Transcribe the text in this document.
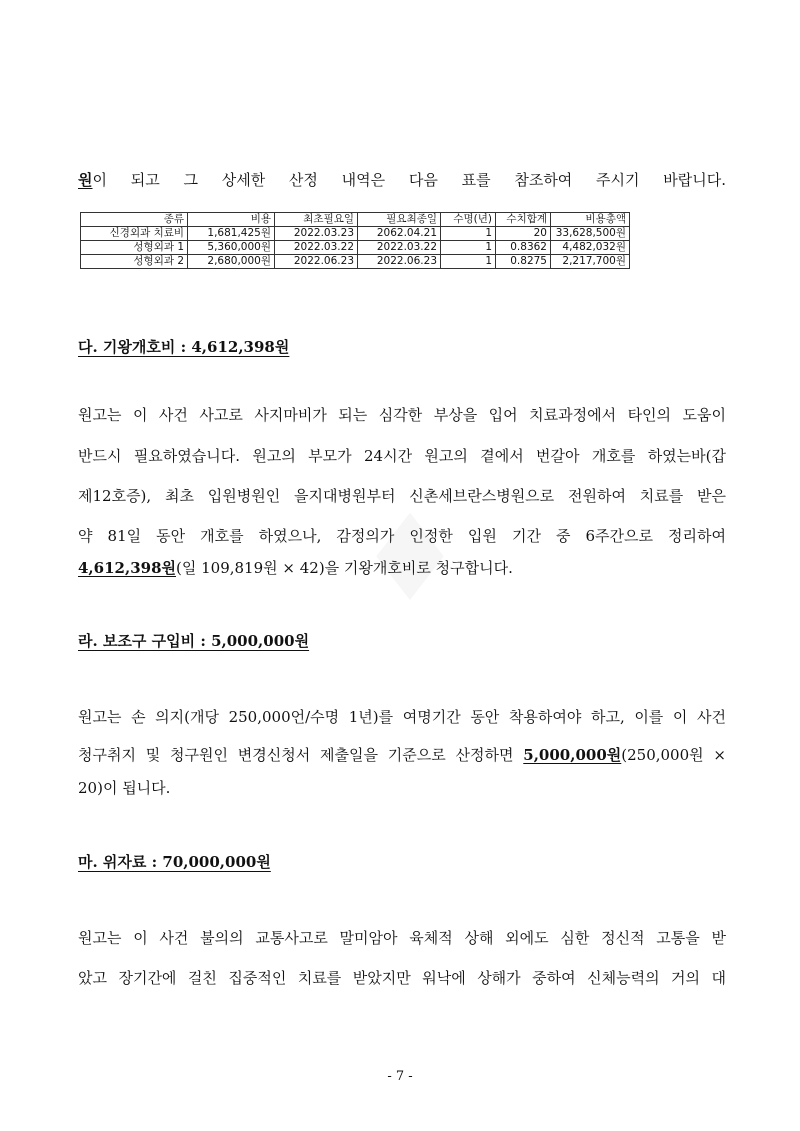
원이 되고 그 상세한 산정 내역은 다음 표를 참조하여 주시기 바랍니다.
종류	비용	최초필요일	필요최종일	수명(년)	수치합계	비용총액
신경외과 치료비	1,681,425원	2022.03.23	2062.04.21	1	20	33,628,500원
성형외과 1	5,360,000원	2022.03.22	2022.03.22	1	0.8362	4,482,032원
성형외과 2	2,680,000원	2022.06.23	2022.06.23	1	0.8275	2,217,700원
다. 기왕개호비 : 4,612,398원
원고는 이 사건 사고로 사지마비가 되는 심각한 부상을 입어 치료과정에서 타인의 도움이
반드시 필요하였습니다. 원고의 부모가 24시간 원고의 곁에서 번갈아 개호를 하였는바(갑
제12호증), 최초 입원병원인 을지대병원부터 신촌세브란스병원으로 전원하여 치료를 받은
약 81일 동안 개호를 하였으나, 감정의가 인정한 입원 기간 중 6주간으로 정리하여
4,612,398원(일 109,819원 × 42)을 기왕개호비로 청구합니다.
라. 보조구 구입비 : 5,000,000원
원고는 손 의지(개당 250,000언/수명 1년)를 여명기간 동안 착용하여야 하고, 이를 이 사건
청구취지 및 청구원인 변경신청서 제출일을 기준으로 산정하면 5,000,000원(250,000원 ×
20)이 됩니다.
마. 위자료 : 70,000,000원
원고는 이 사건 불의의 교통사고로 말미암아 육체적 상해 외에도 심한 정신적 고통을 받
았고 장기간에 걸친 집중적인 치료를 받았지만 워낙에 상해가 중하여 신체능력의 거의 대
- 7 -
